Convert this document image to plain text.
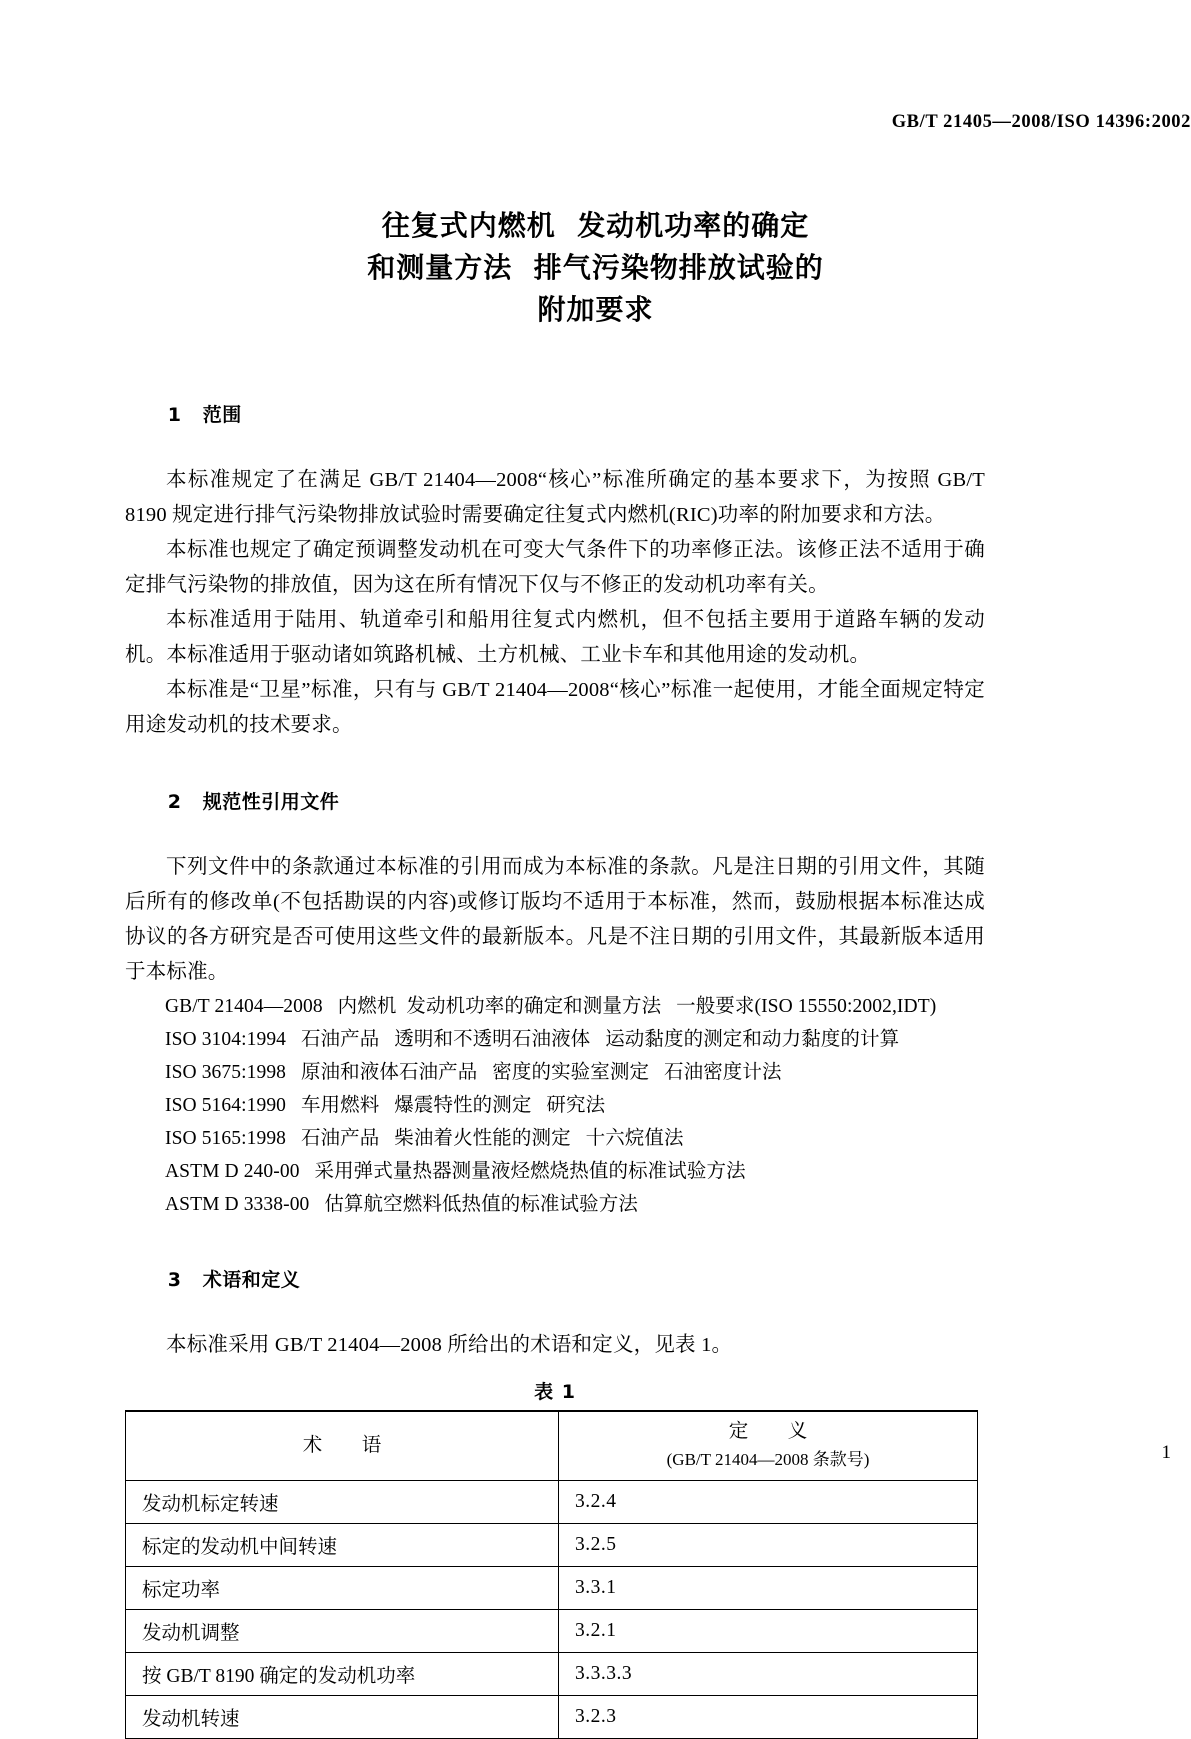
GB/T 21405—2008/ISO 14396:2002
往复式内燃机  发动机功率的确定
和测量方法  排气污染物排放试验的
附加要求

1 范围

本标准规定了在满足 GB/T 21404—2008“核心”标准所确定的基本要求下，为按照 GB/T 8190 规定进行排气污染物排放试验时需要确定往复式内燃机(RIC)功率的附加要求和方法。

本标准也规定了确定预调整发动机在可变大气条件下的功率修正法。该修正法不适用于确定排气污染物的排放值，因为这在所有情况下仅与不修正的发动机功率有关。

本标准适用于陆用、轨道牵引和船用往复式内燃机，但不包括主要用于道路车辆的发动机。本标准适用于驱动诸如筑路机械、土方机械、工业卡车和其他用途的发动机。

本标准是“卫星”标准，只有与 GB/T 21404—2008“核心”标准一起使用，才能全面规定特定用途发动机的技术要求。

2 规范性引用文件

下列文件中的条款通过本标准的引用而成为本标准的条款。凡是注日期的引用文件，其随后所有的修改单(不包括勘误的内容)或修订版均不适用于本标准，然而，鼓励根据本标准达成协议的各方研究是否可使用这些文件的最新版本。凡是不注日期的引用文件，其最新版本适用于本标准。

GB/T 21404—2008   内燃机  发动机功率的确定和测量方法   一般要求(ISO 15550:2002,IDT)
ISO 3104:1994   石油产品   透明和不透明石油液体   运动黏度的测定和动力黏度的计算
ISO 3675:1998   原油和液体石油产品   密度的实验室测定   石油密度计法
ISO 5164:1990   车用燃料   爆震特性的测定   研究法
ISO 5165:1998   石油产品   柴油着火性能的测定   十六烷值法
ASTM D 240-00   采用弹式量热器测量液烃燃烧热值的标准试验方法
ASTM D 3338-00   估算航空燃料低热值的标准试验方法

3 术语和定义

本标准采用 GB/T 21404—2008 所给出的术语和定义，见表 1。

表 1
术　语	定　义
(GB/T 21404—2008 条款号)

发动机标定转速	3.2.4
标定的发动机中间转速	3.2.5
标定功率	3.3.1
发动机调整	3.2.1
按 GB/T 8190 确定的发动机功率	3.3.3.3
发动机转速	3.2.3
1
